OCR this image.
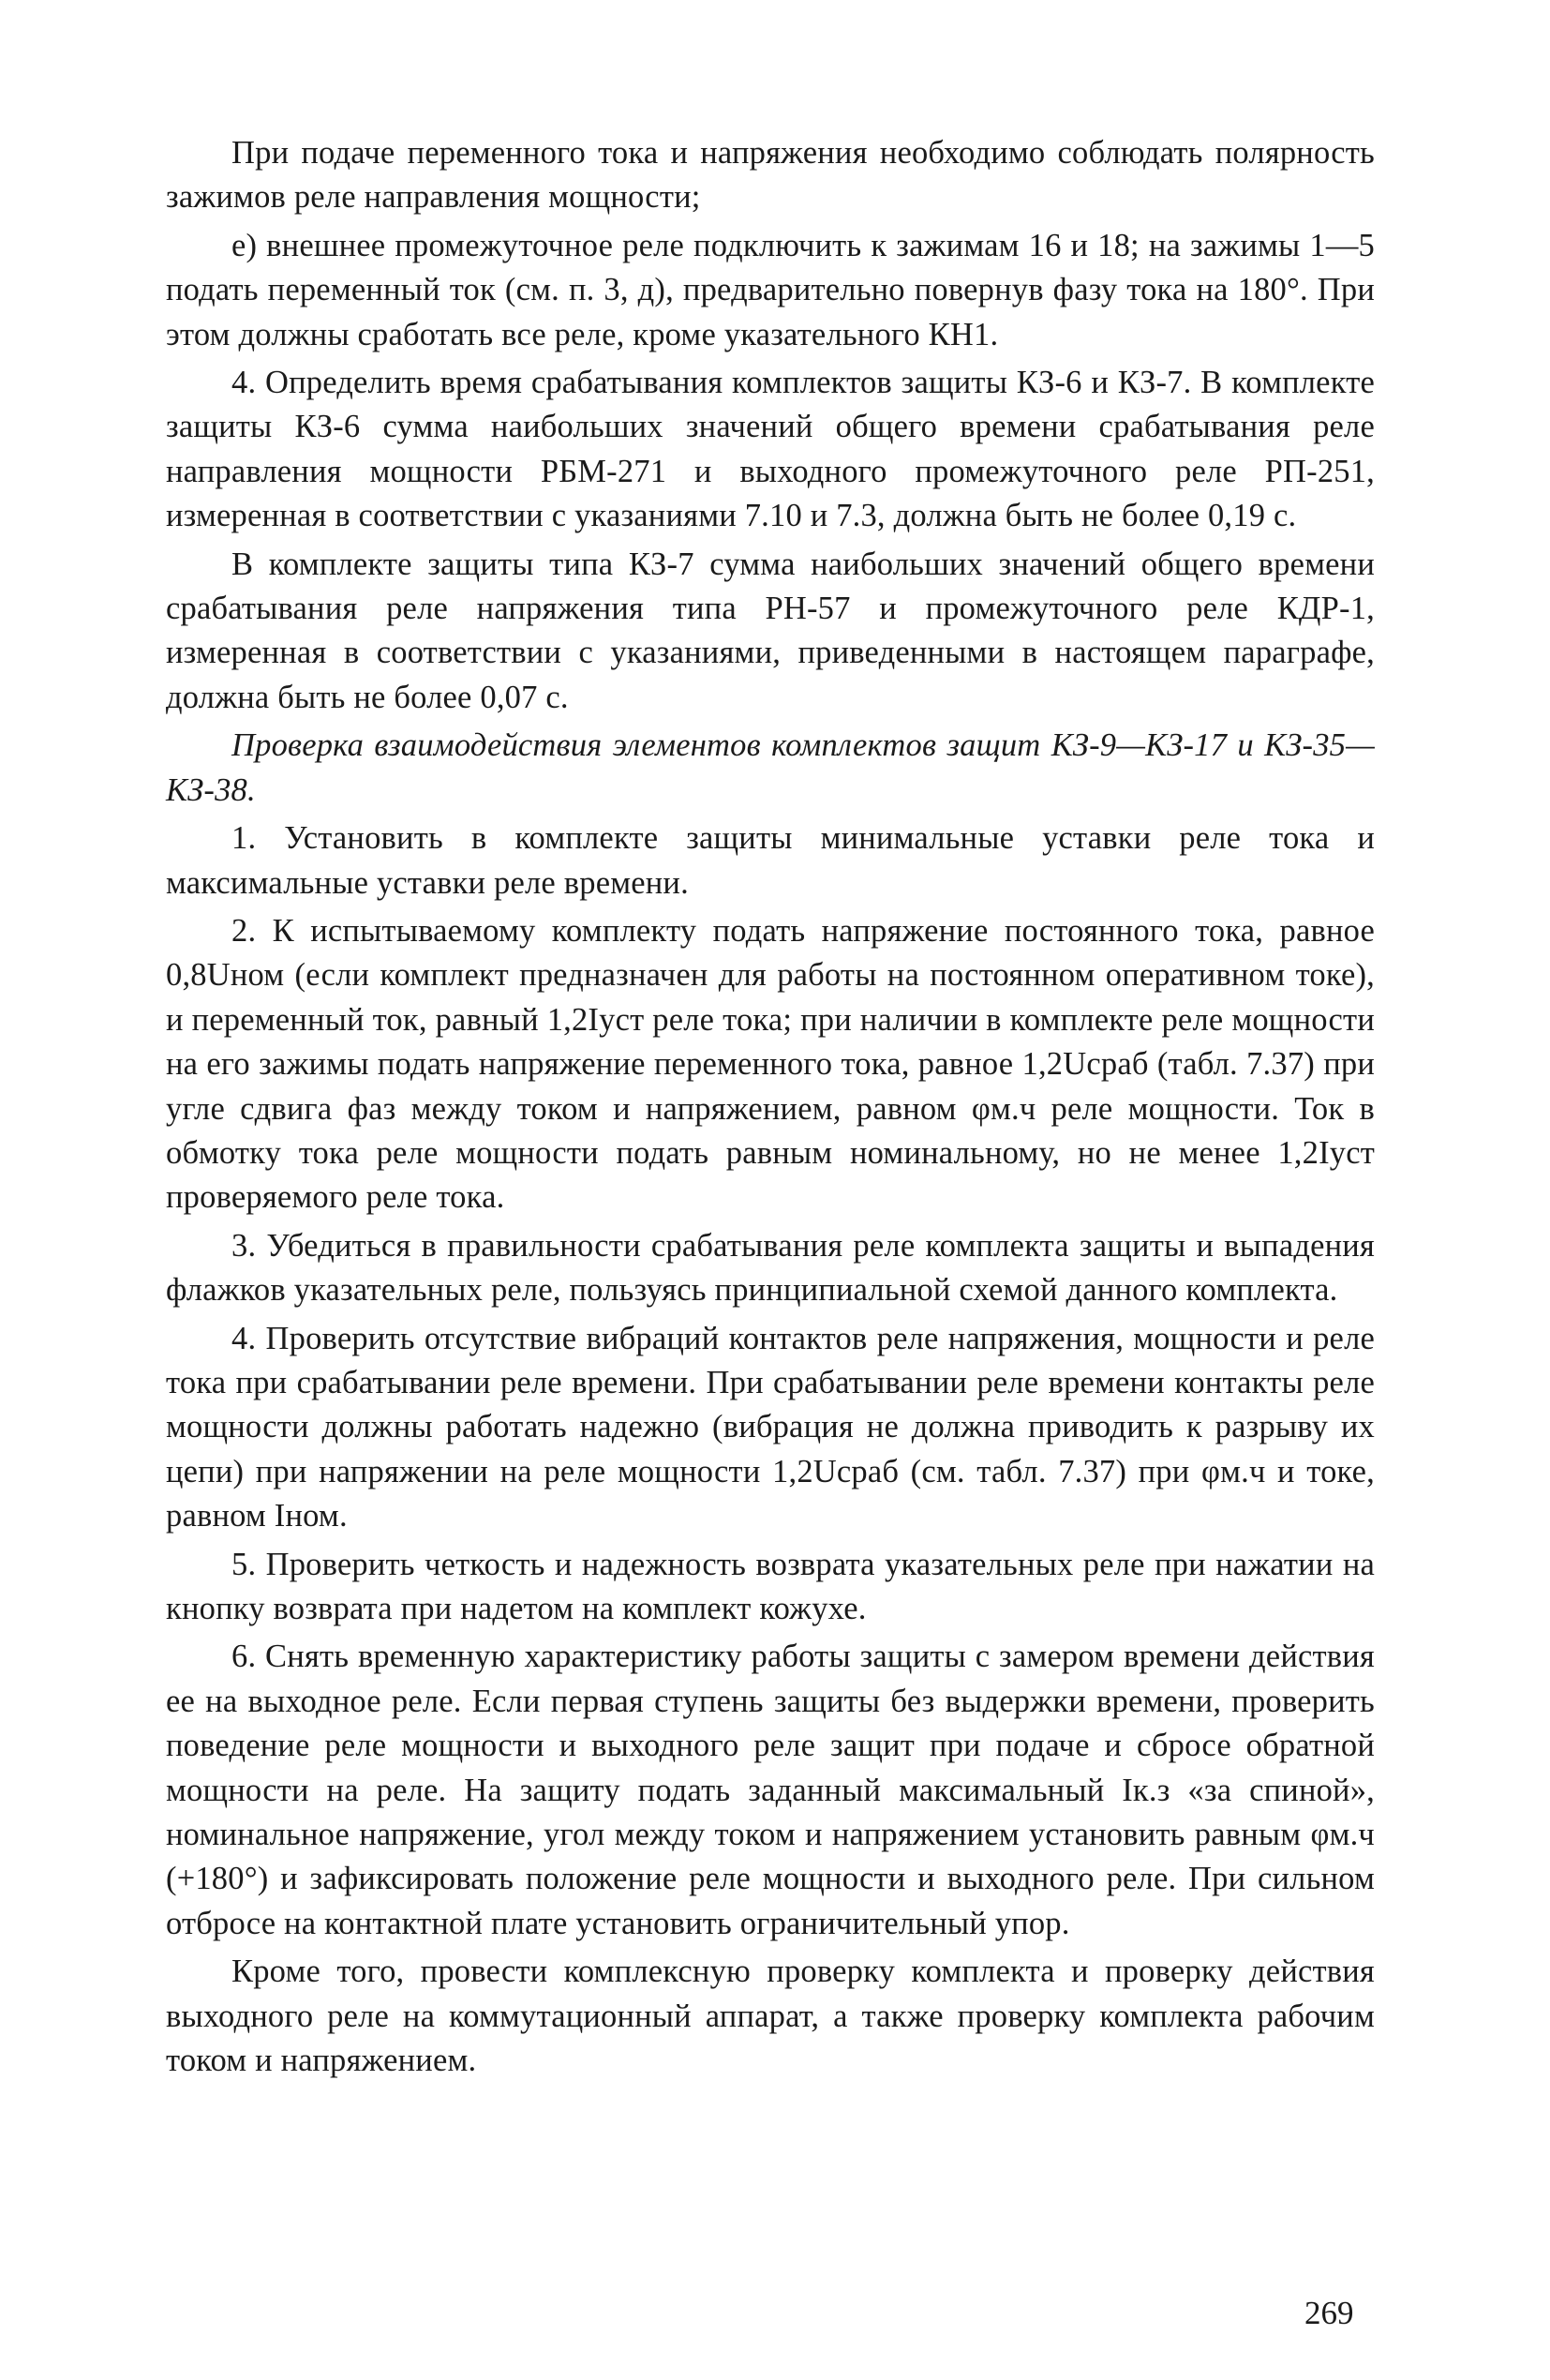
При подаче переменного тока и напряжения необходимо соблюдать полярность зажимов реле направления мощности;

е) внешнее промежуточное реле подключить к зажимам 16 и 18; на зажимы 1—5 подать переменный ток (см. п. 3, д), предварительно повернув фазу тока на 180°. При этом должны сработать все реле, кроме указательного КН1.

4. Определить время срабатывания комплектов защиты КЗ-6 и КЗ-7. В комплекте защиты КЗ-6 сумма наибольших значений общего времени срабатывания реле направления мощности РБМ-271 и выходного промежуточного реле РП-251, измеренная в соответствии с указаниями 7.10 и 7.3, должна быть не более 0,19 с.

В комплекте защиты типа КЗ-7 сумма наибольших значений общего времени срабатывания реле напряжения типа РН-57 и промежуточного реле КДР-1, измеренная в соответствии с указаниями, приведенными в настоящем параграфе, должна быть не более 0,07 с.

Проверка взаимодействия элементов комплектов защит КЗ-9—КЗ-17 и КЗ-35—КЗ-38.

1. Установить в комплекте защиты минимальные уставки реле тока и максимальные уставки реле времени.

2. К испытываемому комплекту подать напряжение постоянного тока, равное 0,8Uном (если комплект предназначен для работы на постоянном оперативном токе), и переменный ток, равный 1,2Iуст реле тока; при наличии в комплекте реле мощности на его зажимы подать напряжение переменного тока, равное 1,2Uсраб (табл. 7.37) при угле сдвига фаз между током и напряжением, равном φм.ч реле мощности. Ток в обмотку тока реле мощности подать равным номинальному, но не менее 1,2Iуст проверяемого реле тока.

3. Убедиться в правильности срабатывания реле комплекта защиты и выпадения флажков указательных реле, пользуясь принципиальной схемой данного комплекта.

4. Проверить отсутствие вибраций контактов реле напряжения, мощности и реле тока при срабатывании реле времени. При срабатывании реле времени контакты реле мощности должны работать надежно (вибрация не должна приводить к разрыву их цепи) при напряжении на реле мощности 1,2Uсраб (см. табл. 7.37) при φм.ч и токе, равном Iном.

5. Проверить четкость и надежность возврата указательных реле при нажатии на кнопку возврата при надетом на комплект кожухе.

6. Снять временную характеристику работы защиты с замером времени действия ее на выходное реле. Если первая ступень защиты без выдержки времени, проверить поведение реле мощности и выходного реле защит при подаче и сбросе обратной мощности на реле. На защиту подать заданный максимальный Iк.з «за спиной», номинальное напряжение, угол между током и напряжением установить равным φм.ч (+180°) и зафиксировать положение реле мощности и выходного реле. При сильном отбросе на контактной плате установить ограничительный упор.

Кроме того, провести комплексную проверку комплекта и проверку действия выходного реле на коммутационный аппарат, а также проверку комплекта рабочим током и напряжением.

269
